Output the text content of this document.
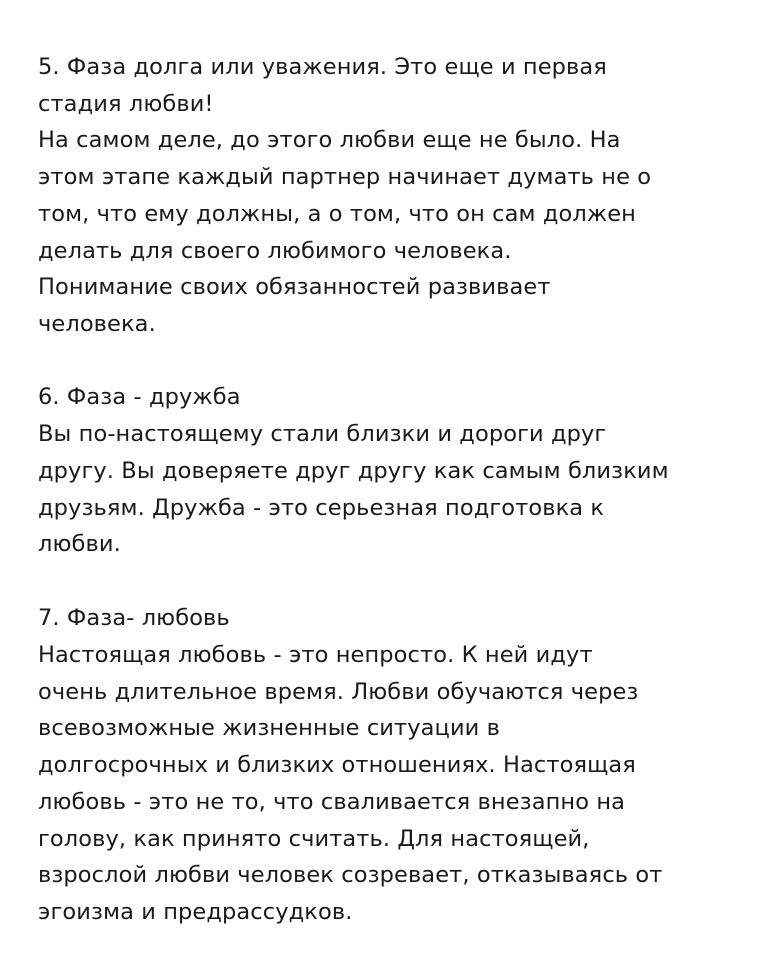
5. Фаза долга или уважения. Это еще и первая
стадия любви!
На самом деле, до этого любви еще не было. На
этом этапе каждый партнер начинает думать не о
том, что ему должны, а о том, что он сам должен
делать для своего любимого человека.
Понимание своих обязанностей развивает
человека.
6. Фаза - дружба
Вы по-настоящему стали близки и дороги друг
другу. Вы доверяете друг другу как самым близким
друзьям. Дружба - это серьезная подготовка к
любви.
7. Фаза- любовь
Настоящая любовь - это непросто. К ней идут
очень длительное время. Любви обучаются через
всевозможные жизненные ситуации в
долгосрочных и близких отношениях. Настоящая
любовь - это не то, что сваливается внезапно на
голову, как принято считать. Для настоящей,
взрослой любви человек созревает, отказываясь от
эгоизма и предрассудков.
